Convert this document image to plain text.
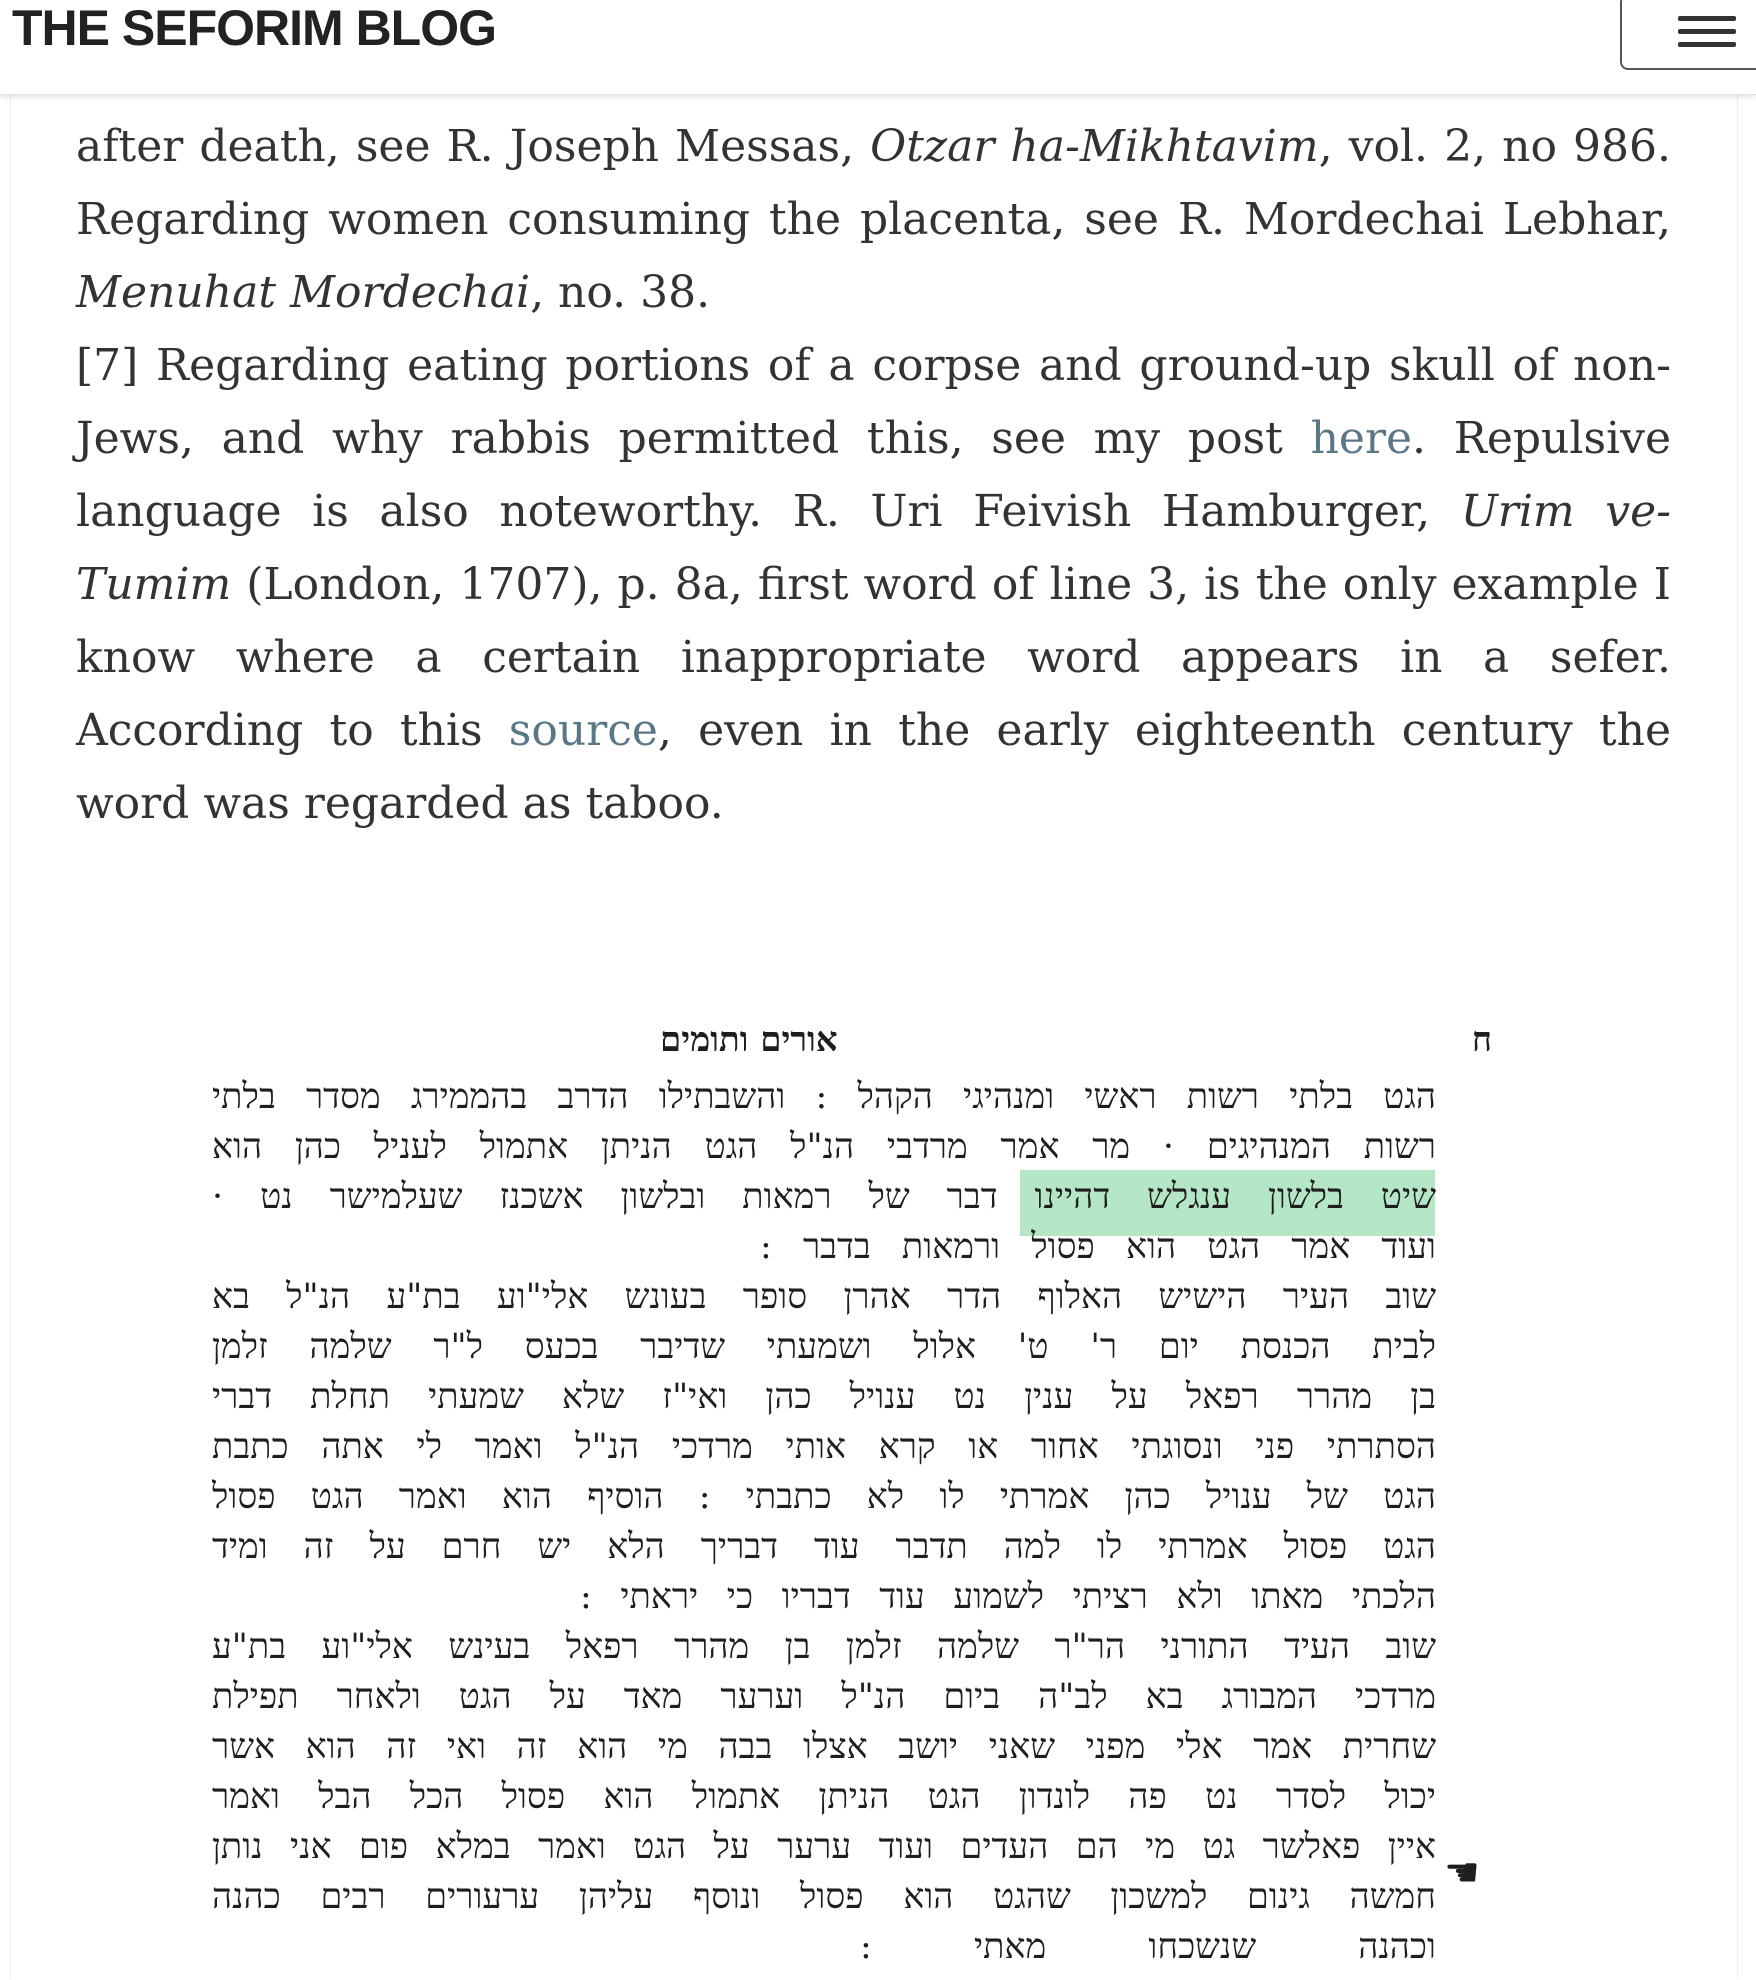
THE SEFORIM BLOG

after death, see R. Joseph Messas, Otzar ha-Mikhtavim, vol. 2, no 986. Regarding women consuming the placenta, see R. Mordechai Lebhar, Menuhat Mordechai, no. 38.

[7] Regarding eating portions of a corpse and ground-up skull of non-Jews, and why rabbis permitted this, see my post here. Repulsive language is also noteworthy. R. Uri Feivish Hamburger, Urim ve-Tumim (London, 1707), p. 8a, first word of line 3, is the only example I know where a certain inappropriate word appears in a sefer. According to this source, even in the early eighteenth century the word was regarded as taboo.

ח
אורים ותומים
הגט בלתי רשות ראשי ומנהיגי הקהל : והשבתילו הדרב בהממירג מסדר בלתי
רשות המנהיגים · מר אמר מרדבי הנ"ל הגט הניתן אתמול לעניל כהן הוא
שיט בלשון ענגלש דהיינו דבר של רמאות ובלשון אשכנז שעלמישר נט ·
ועוד אמר הגט הוא פסול ורמאות בדבר :
שוב העיר הישיש האלוף הדר אהרן סופר בעונש אלי"וע בת"ע הנ"ל בא
לבית הכנסת יום ר' ט' אלול ושמעתי שדיבר בכעס ל"ר שלמה זלמן
בן מהרר רפאל על ענין נט ענויל כהן ואי"ז שלא שמעתי תחלת דברי
הסתרתי פני ונסוגתי אחור או קרא אותי מרדכי הנ"ל ואמר לי אתה כתבת
הגט של ענויל כהן אמרתי לו לא כתבתי : הוסיף הוא ואמר הגט פסול
הגט פסול אמרתי לו למה תדבר עוד דבריך הלא יש חרם על זה ומיד
הלכתי מאתו ולא רציתי לשמוע עוד דבריו כי יראתי :
שוב העיד התורני הר"ר שלמה זלמן בן מהרר רפאל בעינש אלי"וע בת"ע
מרדכי המבורג בא לב"ה ביום הנ"ל וערער מאד על הגט ולאחר תפילת
שחרית אמר אלי מפני שאני יושב אצלו בבה מי הוא זה ואי זה הוא אשר
יכול לסדר נט פה לונדון הגט הניתן אתמול הוא פסול הכל הבל ואמר
איין פאלשר גט מי הם העדים ועוד ערער על הגט ואמר במלא פום אני נותן
חמשה גינום למשכון שהגט הוא פסול ונוסף עליהן ערעורים רבים כהנה
וכהנה שנשכחו מאתי :
☚
